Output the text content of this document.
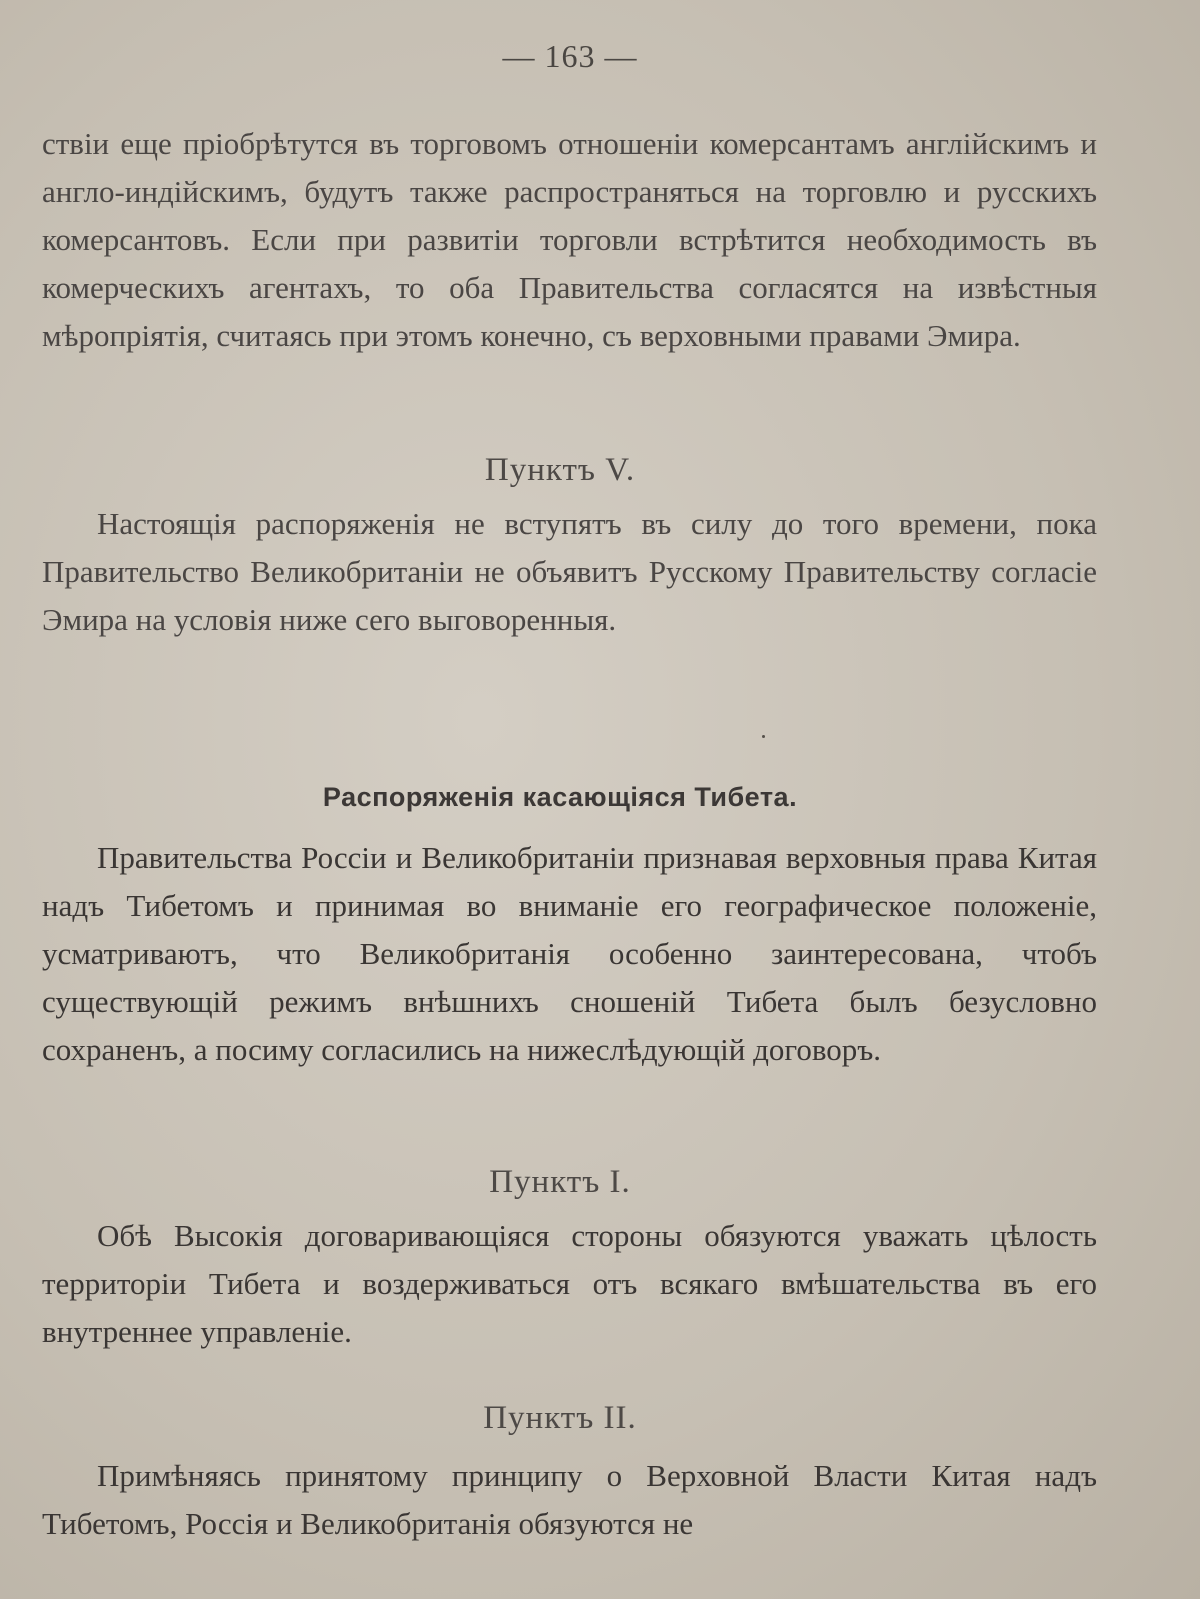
— 163 —

ствіи еще пріобрѣтутся въ торговомъ отношеніи комерсантамъ англійскимъ и англо-индійскимъ, будутъ также распространяться на торговлю и русскихъ комерсантовъ. Если при развитіи торговли встрѣтится необходимость въ комерческихъ агентахъ, то оба Правительства согласятся на извѣстныя мѣропріятія, считаясь при этомъ конечно, съ верховными правами Эмира.

Пунктъ V.

Настоящія распоряженія не вступятъ въ силу до того времени, пока Правительство Великобританіи не объявитъ Русскому Правительству согласіе Эмира на условія ниже сего выговоренныя.

Распоряженія касающіяся Тибета.

Правительства Россіи и Великобританіи признавая верховныя права Китая надъ Тибетомъ и принимая во вниманіе его географическое положеніе, усматриваютъ, что Великобританія особенно заинтересована, чтобъ существующій режимъ внѣшнихъ сношеній Тибета былъ безусловно сохраненъ, а посиму согласились на нижеслѣдующій договоръ.

Пунктъ I.

Обѣ Высокія договаривающіяся стороны обязуются уважать цѣлость территоріи Тибета и воздерживаться отъ всякаго вмѣшательства въ его внутреннее управленіе.

Пунктъ II.

Примѣняясь принятому принципу о Верховной Власти Китая надъ Тибетомъ, Россія и Великобританія обязуются не
